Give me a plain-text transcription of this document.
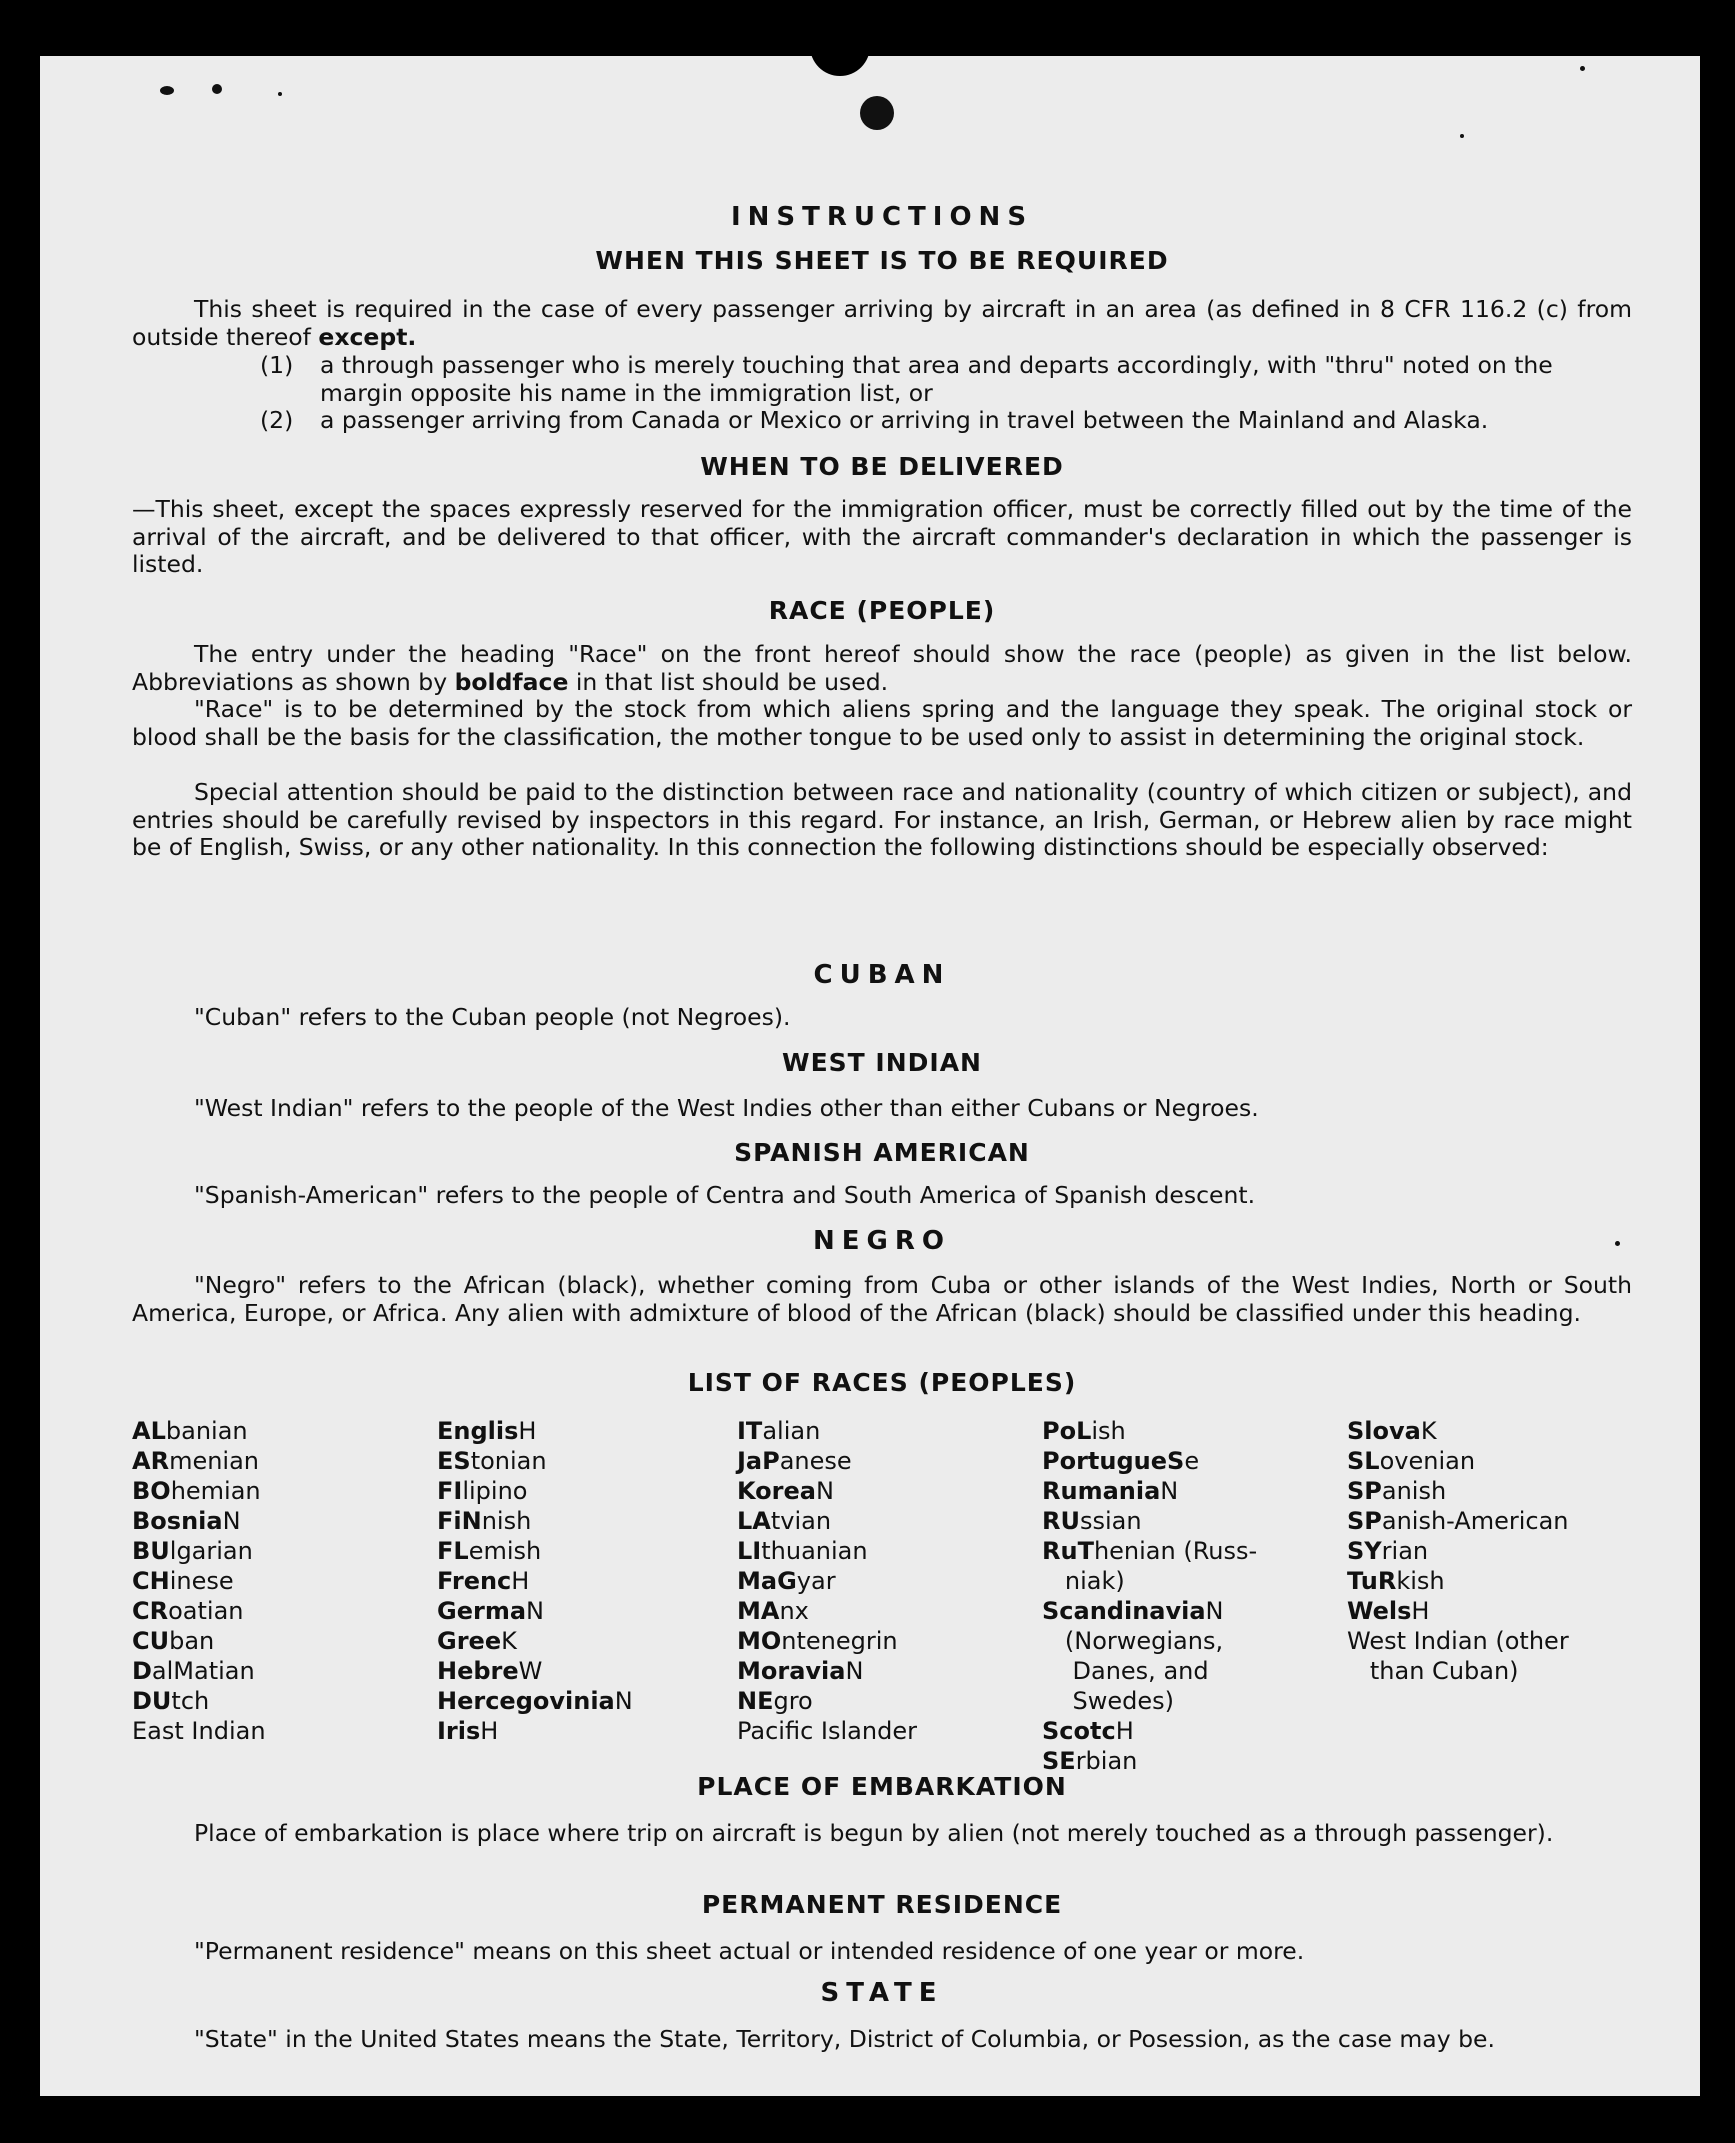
INSTRUCTIONS
WHEN THIS SHEET IS TO BE REQUIRED
This sheet is required in the case of every passenger arriving by aircraft in an area (as defined in 8 CFR 116.2 (c) from outside thereof except.
(1) a through passenger who is merely touching that area and departs accordingly, with "thru" noted on the margin opposite his name in the immigration list, or
(2) a passenger arriving from Canada or Mexico or arriving in travel between the Mainland and Alaska.
WHEN TO BE DELIVERED
—This sheet, except the spaces expressly reserved for the immigration officer, must be correctly filled out by the time of the arrival of the aircraft, and be delivered to that officer, with the aircraft commander's declaration in which the passenger is listed.
RACE (PEOPLE)
The entry under the heading "Race" on the front hereof should show the race (people) as given in the list below. Abbreviations as shown by boldface in that list should be used.
"Race" is to be determined by the stock from which aliens spring and the language they speak. The original stock or blood shall be the basis for the classification, the mother tongue to be used only to assist in determining the original stock.
Special attention should be paid to the distinction between race and nationality (country of which citizen or subject), and entries should be carefully revised by inspectors in this regard. For instance, an Irish, German, or Hebrew alien by race might be of English, Swiss, or any other nationality. In this connection the following distinctions should be especially observed:
CUBAN
"Cuban" refers to the Cuban people (not Negroes).
WEST INDIAN
"West Indian" refers to the people of the West Indies other than either Cubans or Negroes.
SPANISH AMERICAN
"Spanish-American" refers to the people of Centra and South America of Spanish descent.
NEGRO
"Negro" refers to the African (black), whether coming from Cuba or other islands of the West Indies, North or South America, Europe, or Africa. Any alien with admixture of blood of the African (black) should be classified under this heading.
LIST OF RACES (PEOPLES)
ALbanian
ARmenian
BOhemian
BosniaN
BUlgarian
CHinese
CRoatian
CUban
DalMatian
DUtch
East Indian
EnglisH
EStonian
FIlipino
FiNnish
FLemish
FrencH
GermaN
GreeK
HebreW
HercegoviniaN
IrisH
ITalian
JaPanese
KoreaN
LAtvian
LIthuanian
MaGyar
MAnx
MOntenegrin
MoraviaN
NEgro
Pacific Islander
PoLish
PortugueSe
RumaniaN
RUssian
RuThenian (Russ-
niak)
ScandinaviaN
(Norwegians,
Danes, and
Swedes)
ScotcH
SErbian
SlovaK
SLovenian
SPanish
SPanish-American
SYrian
TuRkish
WelsH
West Indian (other
than Cuban)
PLACE OF EMBARKATION
Place of embarkation is place where trip on aircraft is begun by alien (not merely touched as a through passenger).
PERMANENT RESIDENCE
"Permanent residence" means on this sheet actual or intended residence of one year or more.
STATE
"State" in the United States means the State, Territory, District of Columbia, or Posession, as the case may be.
